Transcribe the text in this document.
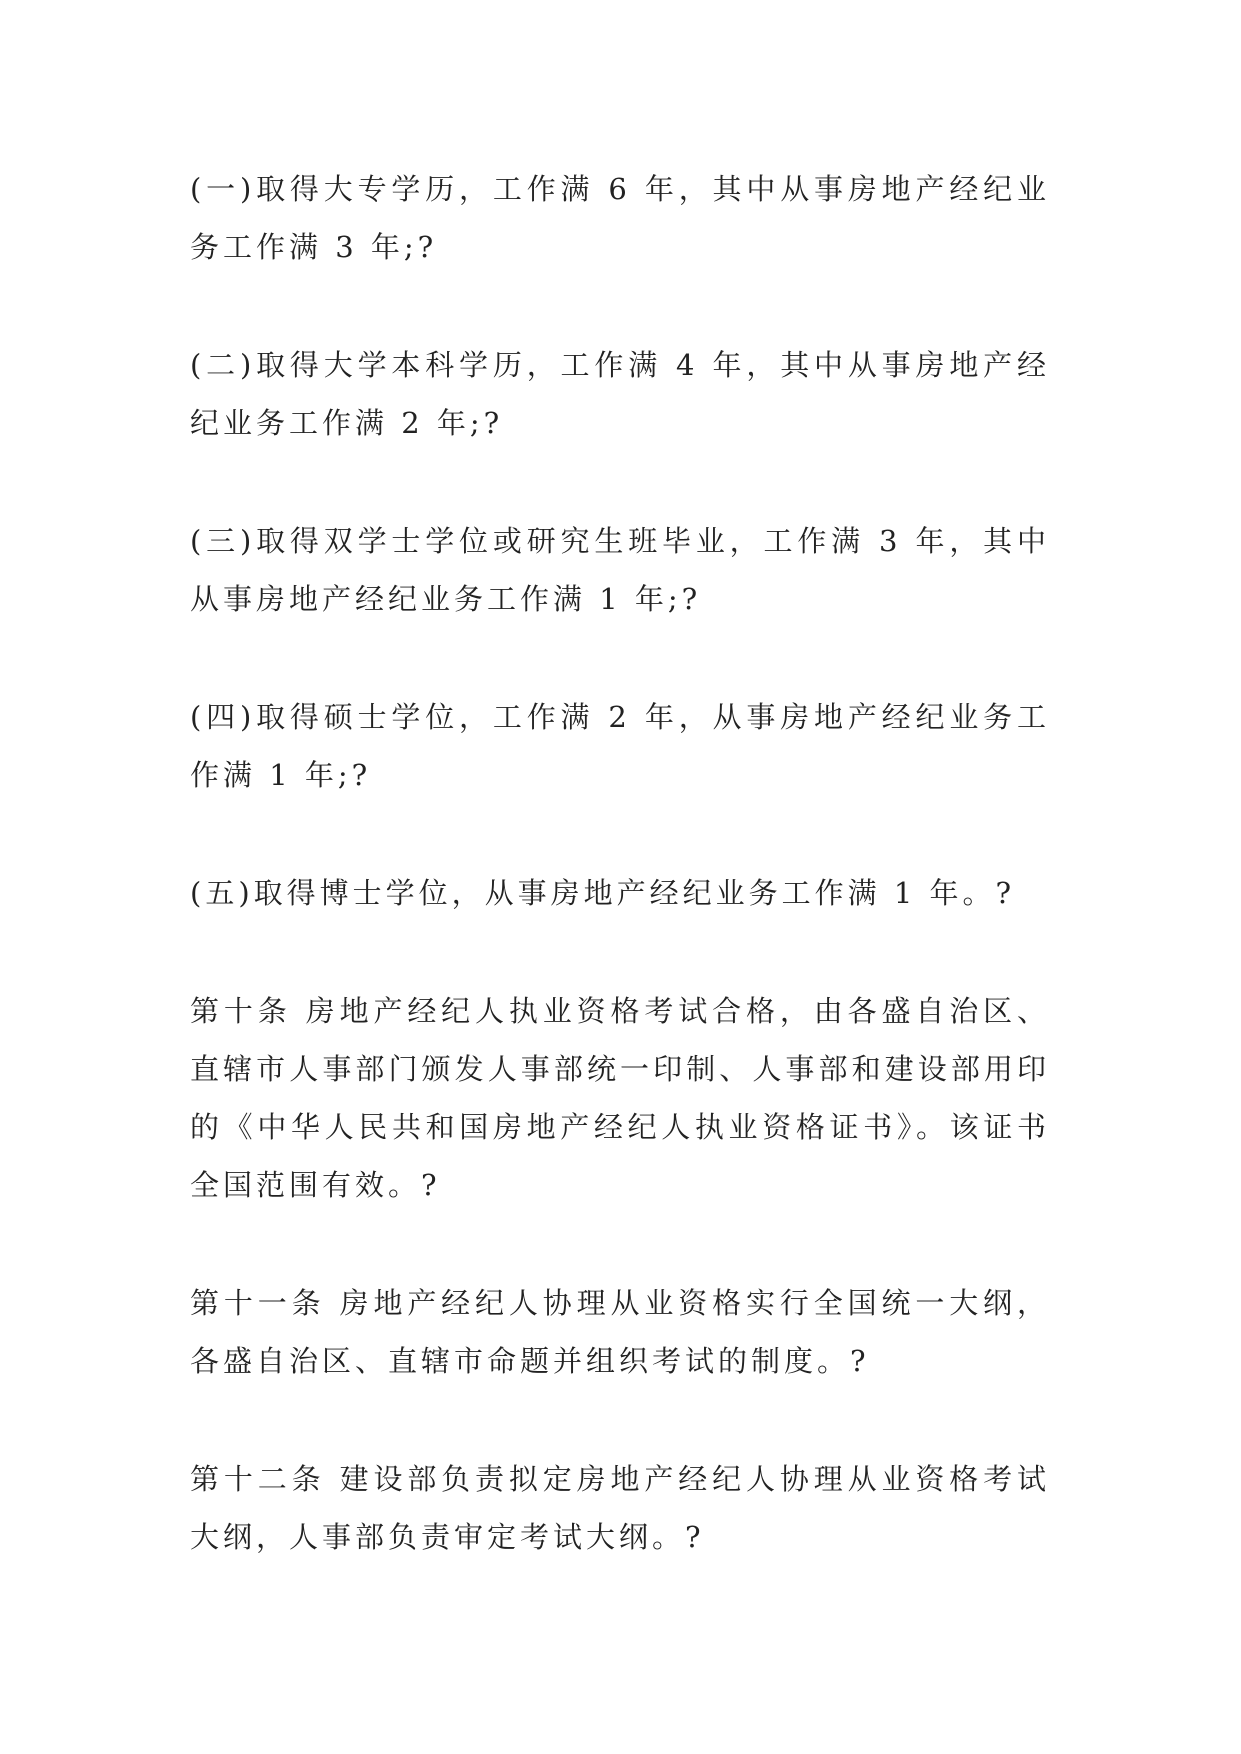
(一)取得大专学历，工作满 6 年，其中从事房地产经纪业务工作满 3 年;?

(二)取得大学本科学历，工作满 4 年，其中从事房地产经纪业务工作满 2 年;?

(三)取得双学士学位或研究生班毕业，工作满 3 年，其中从事房地产经纪业务工作满 1 年;?

(四)取得硕士学位，工作满 2 年，从事房地产经纪业务工作满 1 年;?

(五)取得博士学位，从事房地产经纪业务工作满 1 年。?

第十条 房地产经纪人执业资格考试合格，由各盛自治区、直辖市人事部门颁发人事部统一印制、人事部和建设部用印的《中华人民共和国房地产经纪人执业资格证书》。该证书全国范围有效。?

第十一条 房地产经纪人协理从业资格实行全国统一大纲，各盛自治区、直辖市命题并组织考试的制度。?

第十二条 建设部负责拟定房地产经纪人协理从业资格考试大纲，人事部负责审定考试大纲。?
